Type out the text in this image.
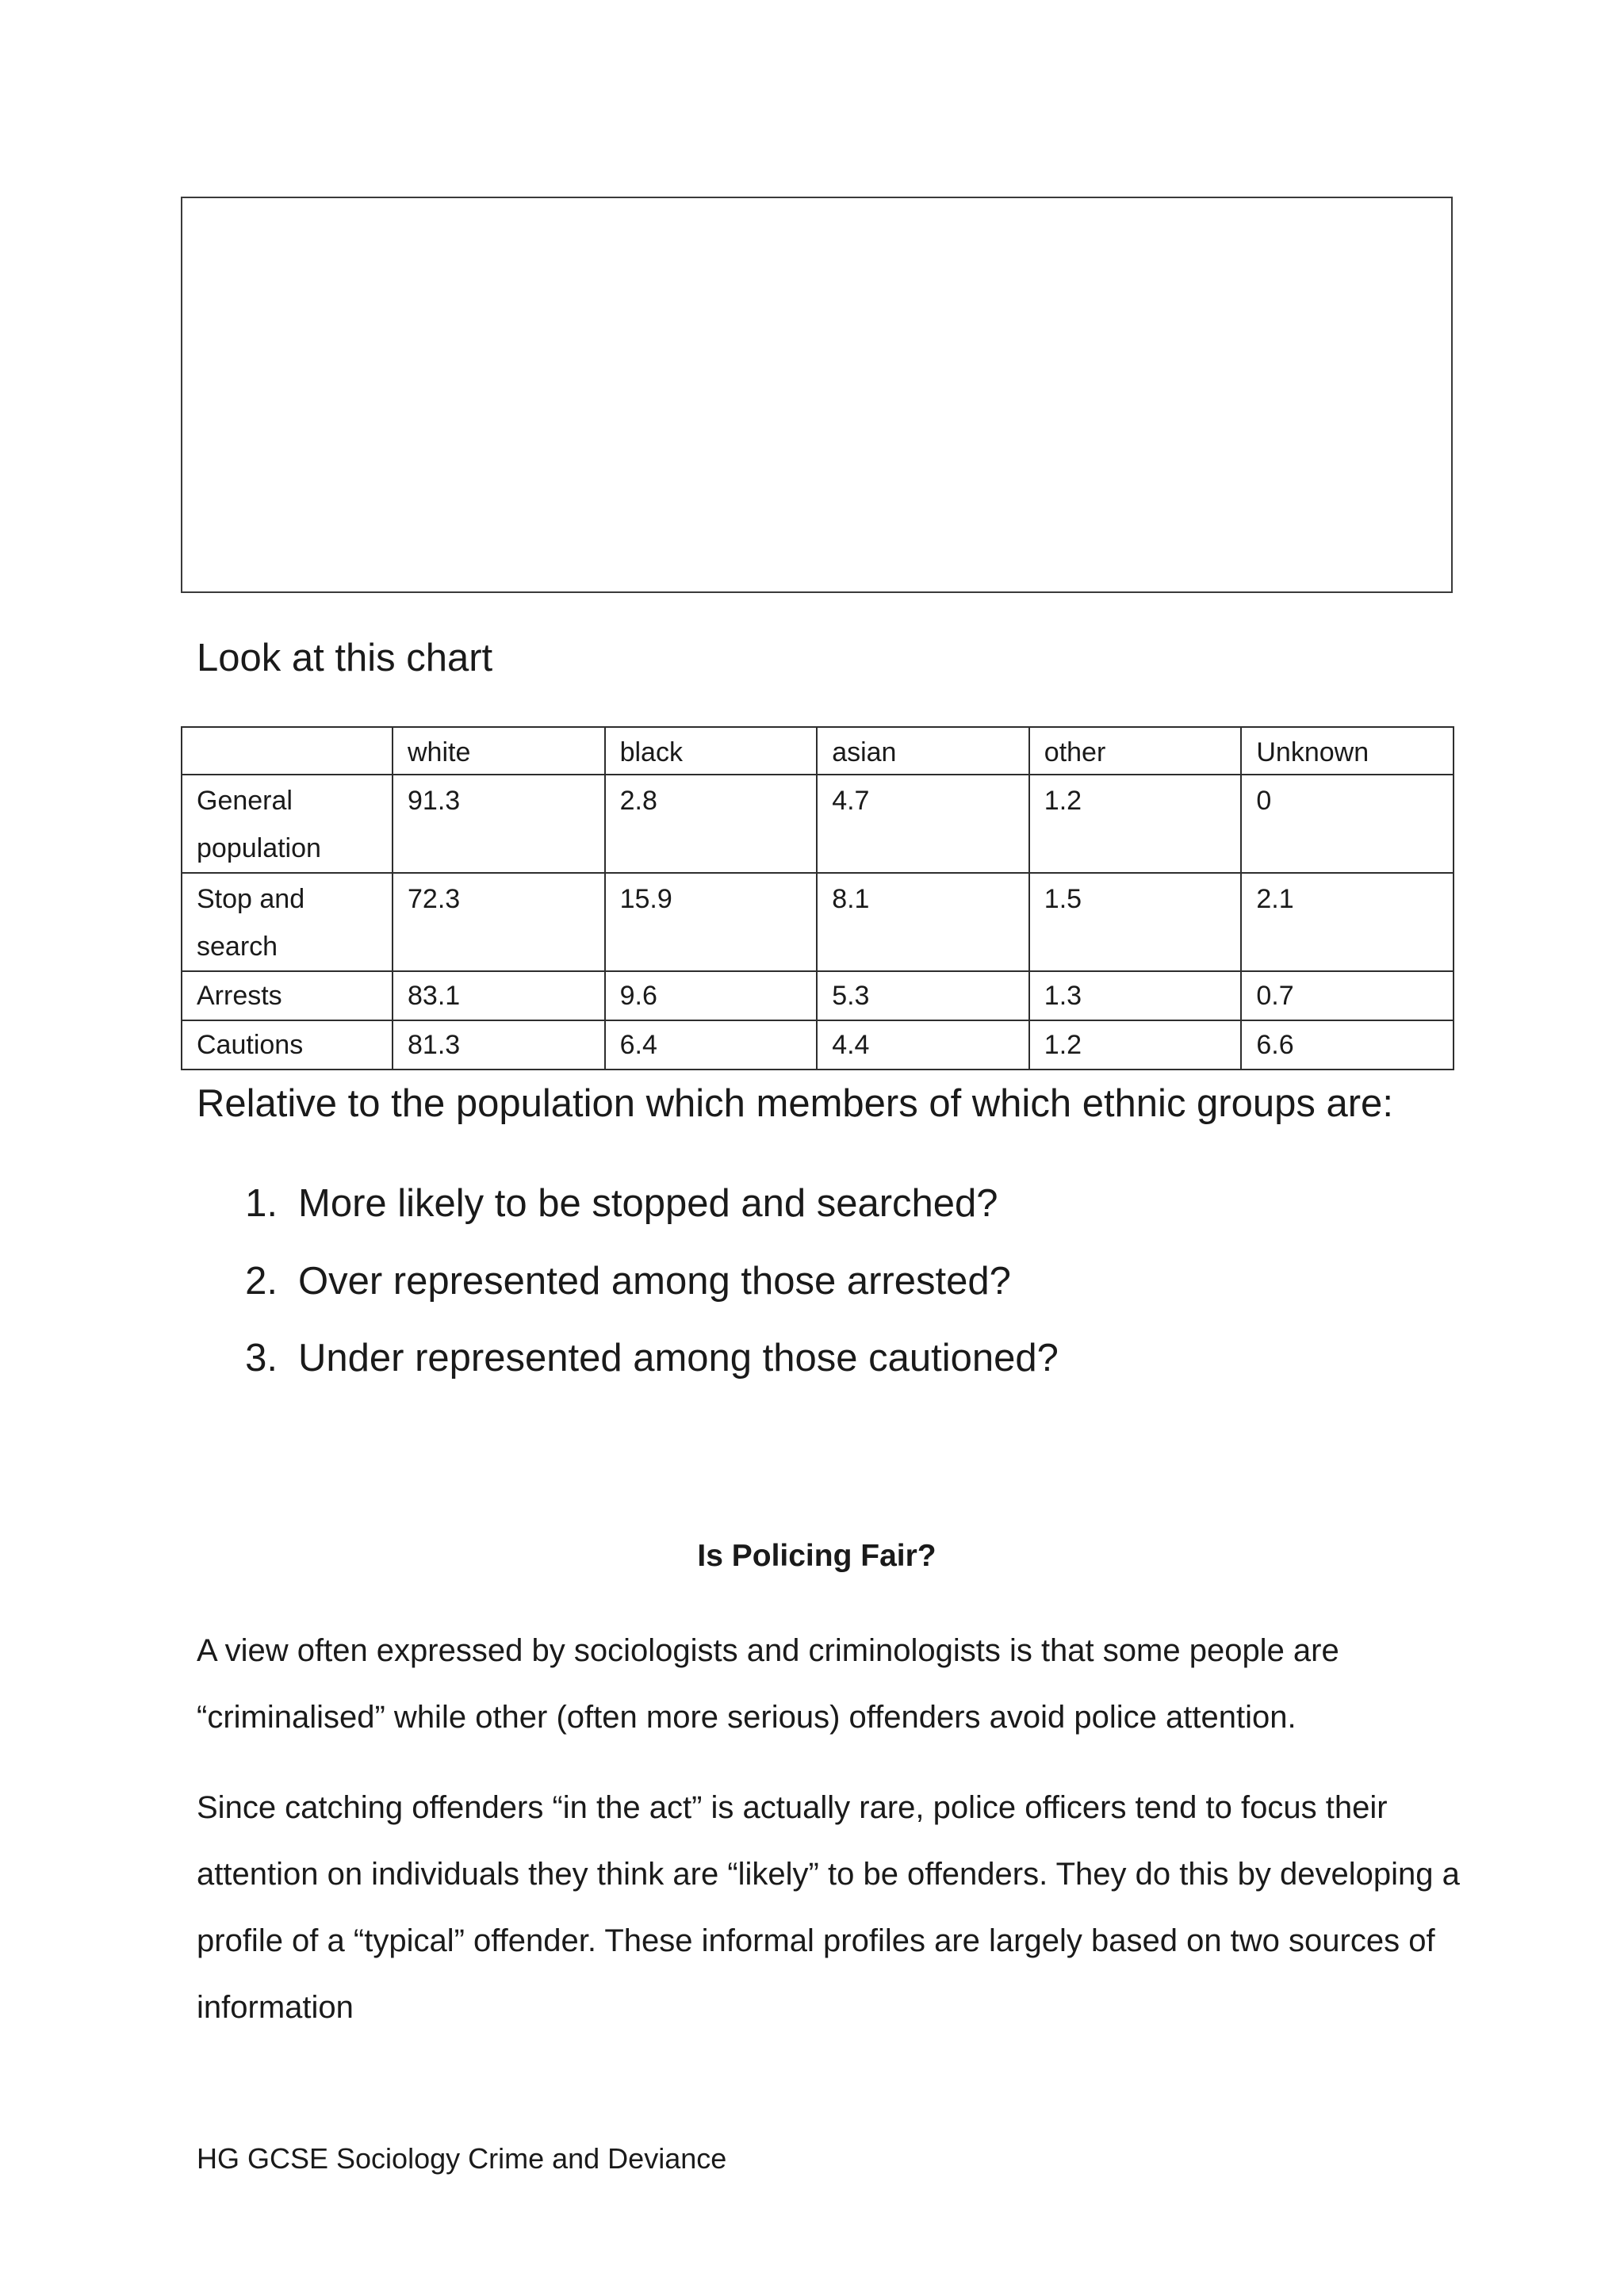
Look at this chart

	white	black	asian	other	Unknown
General population	91.3	2.8	4.7	1.2	0
Stop and search	72.3	15.9	8.1	1.5	2.1
Arrests	83.1	9.6	5.3	1.3	0.7
Cautions	81.3	6.4	4.4	1.2	6.6

Relative to the population which members of which ethnic groups are:

1. More likely to be stopped and searched?
2. Over represented among those arrested?
3. Under represented among those cautioned?
Is Policing Fair?

A view often expressed by sociologists and criminologists is that some people are “criminalised” while other (often more serious) offenders avoid police attention.

Since catching offenders “in the act” is actually rare, police officers tend to focus their attention on individuals they think are “likely” to be offenders. They do this by developing a profile of a “typical” offender. These informal profiles are largely based on two sources of information

HG GCSE Sociology Crime and Deviance
